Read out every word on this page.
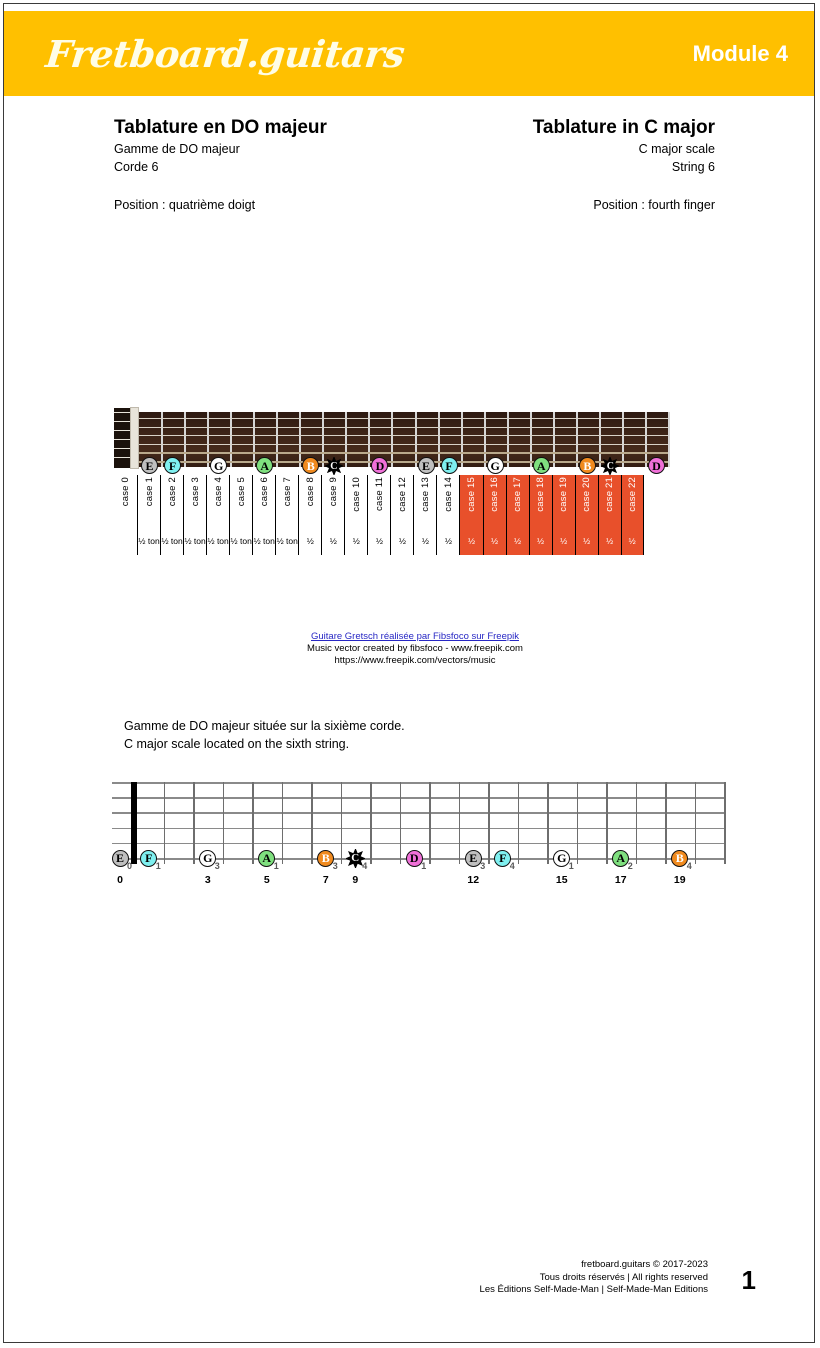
Fretboard.guitars	Module 4
Tablature en DO majeur
Gamme de DO majeur
Corde 6
Position : quatrième doigt
Tablature in C major
C major scale
String 6
Position : fourth finger
E	F	G	A	B	C	D	E	F	G	A	B	C	D
case 0 case 1
½ ton
case 2
½ ton
case 3
½ ton
case 4
½ ton
case 5
½ ton
case 6
½ ton
case 7
½ ton
case 8
½
case 9
½
case 10
½
case 11
½
case 12
½
case 13
½
case 14
½
case 15
½
case 16
½
case 17
½
case 18
½
case 19
½
case 20
½
case 21
½
case 22
½
Guitare Gretsch réalisée par Fibsfoco sur Freepik
Music vector created by fibsfoco - www.freepik.com
https://www.freepik.com/vectors/music
Gamme de DO majeur située sur la sixième corde.
C major scale located on the sixth string.
E
0
0
F
1
G
3
3
A
1
5
B
3
7
C
4
9
D
1
E
3
12
F
4
G
1
15
A
2
17
B
4
19
fretboard.guitars © 2017-2023
Tous droits réservés | All rights reserved
Les Éditions Self-Made-Man | Self-Made-Man Editions 1
